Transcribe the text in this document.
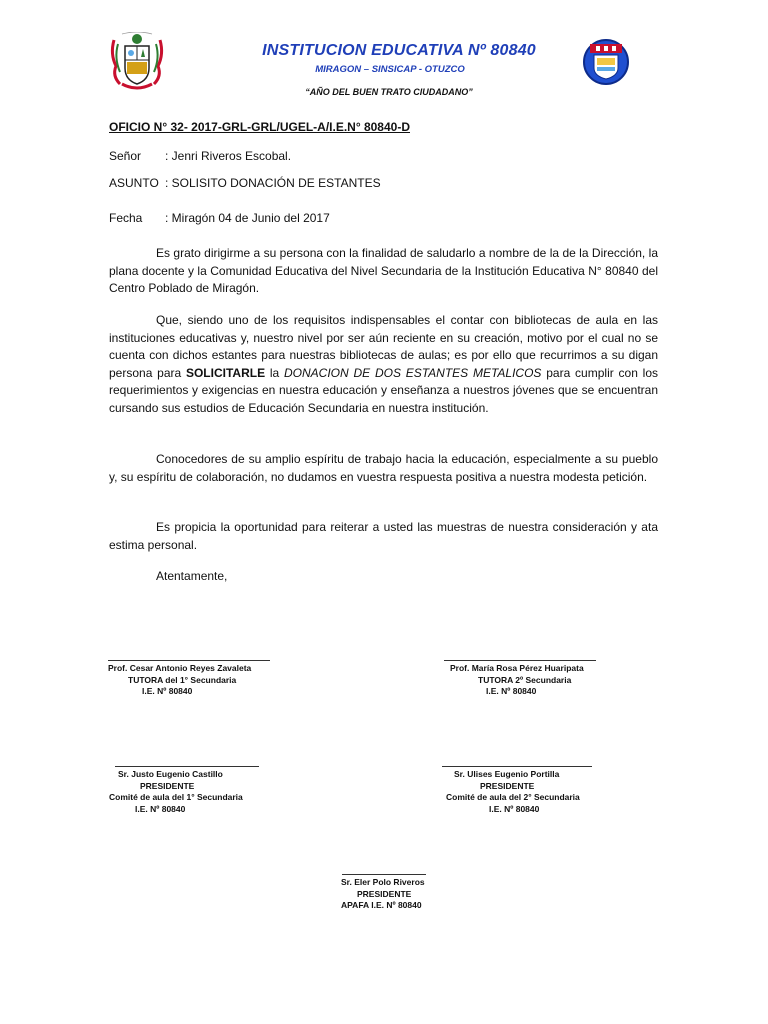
INSTITUCION EDUCATIVA Nº 80840
MIRAGON – SINSICAP - OTUZCO
“AÑO DEL BUEN TRATO CIUDADANO”
OFICIO N° 32- 2017-GRL-GRL/UGEL-A/I.E.N° 80840-D
Señor : Jenri Riveros Escobal.
ASUNTO : SOLISITO DONACIÓN DE ESTANTES
Fecha : Miragón 04 de Junio del 2017
Es grato dirigirme a su persona con la finalidad de saludarlo a nombre de la de la Dirección, la plana docente y la Comunidad Educativa del Nivel Secundaria de la Institución Educativa N° 80840 del Centro Poblado de Miragón.
Que, siendo uno de los requisitos indispensables el contar con bibliotecas de aula en las instituciones educativas y, nuestro nivel por ser aún reciente en su creación, motivo por el cual no se cuenta con dichos estantes para nuestras bibliotecas de aulas; es por ello que recurrimos a su digan persona para SOLICITARLE la DONACION DE DOS ESTANTES METALICOS para cumplir con los requerimientos y exigencias en nuestra educación y enseñanza a nuestros jóvenes que se encuentran cursando sus estudios de Educación Secundaria en nuestra institución.
Conocedores de su amplio espíritu de trabajo hacia la educación, especialmente a su pueblo y, su espíritu de colaboración, no dudamos en vuestra respuesta positiva a nuestra modesta petición.
Es propicia la oportunidad para reiterar a usted las muestras de nuestra consideración y ata estima personal.
Atentamente,
Prof. Cesar Antonio Reyes Zavaleta
TUTORA del 1° Secundaria
I.E. Nº 80840
Prof. María Rosa Pérez Huaripata
TUTORA 2º Secundaria
I.E. Nº 80840
Sr. Justo Eugenio Castillo
PRESIDENTE
Comité de aula del 1° Secundaria
I.E. Nº 80840
Sr. Ulises Eugenio Portilla
PRESIDENTE
Comité de aula del 2° Secundaria
I.E. Nº 80840
Sr. Eler Polo Riveros
PRESIDENTE
APAFA I.E. Nº 80840
